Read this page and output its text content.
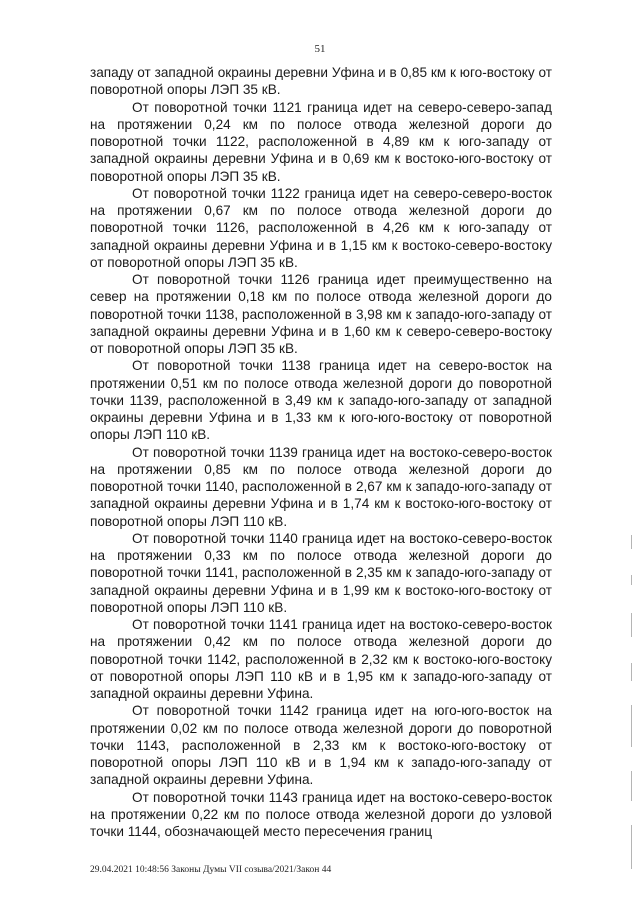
51

западу от западной окраины деревни Уфина и в 0,85 км к юго-востоку от поворотной опоры ЛЭП 35 кВ.

От поворотной точки 1121 граница идет на северо-северо-запад на протяжении 0,24 км по полосе отвода железной дороги до поворотной точки 1122, расположенной в 4,89 км к юго-западу от западной окраины деревни Уфина и в 0,69 км к востоко-юго-востоку от поворотной опоры ЛЭП 35 кВ.

От поворотной точки 1122 граница идет на северо-северо-восток на протяжении 0,67 км по полосе отвода железной дороги до поворотной точки 1126, расположенной в 4,26 км к юго-западу от западной окраины деревни Уфина и в 1,15 км к востоко-северо-востоку от поворотной опоры ЛЭП 35 кВ.

От поворотной точки 1126 граница идет преимущественно на север на протяжении 0,18 км по полосе отвода железной дороги до поворотной точки 1138, расположенной в 3,98 км к западо-юго-западу от западной окраины деревни Уфина и в 1,60 км к северо-северо-востоку от поворотной опоры ЛЭП 35 кВ.

От поворотной точки 1138 граница идет на северо-восток на протяжении 0,51 км по полосе отвода железной дороги до поворотной точки 1139, расположенной в 3,49 км к западо-юго-западу от западной окраины деревни Уфина и в 1,33 км к юго-юго-востоку от поворотной опоры ЛЭП 110 кВ.

От поворотной точки 1139 граница идет на востоко-северо-восток на протяжении 0,85 км по полосе отвода железной дороги до поворотной точки 1140, расположенной в 2,67 км к западо-юго-западу от западной окраины деревни Уфина и в 1,74 км к востоко-юго-востоку от поворотной опоры ЛЭП 110 кВ.

От поворотной точки 1140 граница идет на востоко-северо-восток на протяжении 0,33 км по полосе отвода железной дороги до поворотной точки 1141, расположенной в 2,35 км к западо-юго-западу от западной окраины деревни Уфина и в 1,99 км к востоко-юго-востоку от поворотной опоры ЛЭП 110 кВ.

От поворотной точки 1141 граница идет на востоко-северо-восток на протяжении 0,42 км по полосе отвода железной дороги до поворотной точки 1142, расположенной в 2,32 км к востоко-юго-востоку от поворотной опоры ЛЭП 110 кВ и в 1,95 км к западо-юго-западу от западной окраины деревни Уфина.

От поворотной точки 1142 граница идет на юго-юго-восток на протяжении 0,02 км по полосе отвода железной дороги до поворотной точки 1143, расположенной в 2,33 км к востоко-юго-востоку от поворотной опоры ЛЭП 110 кВ и в 1,94 км к западо-юго-западу от западной окраины деревни Уфина.

От поворотной точки 1143 граница идет на востоко-северо-восток на протяжении 0,22 км по полосе отвода железной дороги до узловой точки 1144, обозначающей место пересечения границ

29.04.2021 10:48:56 Законы Думы VII созыва/2021/Закон 44
